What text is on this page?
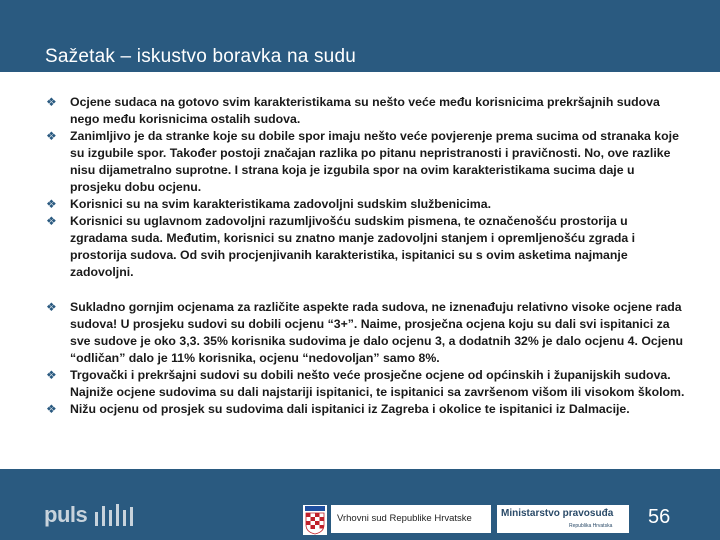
Sažetak – iskustvo boravka na sudu
❖ Ocjene sudaca na gotovo svim karakteristikama su nešto veće među korisnicima prekršajnih sudova nego među korisnicima ostalih sudova.
❖ Zanimljivo je da stranke koje su dobile spor imaju nešto veće povjerenje prema sucima od stranaka koje su izgubile spor. Također postoji značajan razlika po pitanu nepristranosti i pravičnosti. No, ove razlike nisu dijametralno suprotne. I strana koja je izgubila spor na ovim karakteristikama sucima daje u prosjeku dobu ocjenu.
❖ Korisnici su na svim karakteristikama zadovoljni sudskim službenicima.
❖ Korisnici su uglavnom zadovoljni razumljivošću sudskim pismena, te označenošću prostorija u zgradama suda. Međutim, korisnici su znatno manje zadovoljni stanjem i opremljenošću zgrada i prostorija sudova. Od svih procjenjivanih karakteristika, ispitanici su s ovim asketima najmanje zadovoljni.
❖ Sukladno gornjim ocjenama za različite aspekte rada sudova, ne iznenađuju relativno visoke ocjene rada sudova! U prosjeku sudovi su dobili ocjenu “3+”. Naime, prosječna ocjena koju su dali svi ispitanici za sve sudove je oko 3,3. 35% korisnika sudovima je dalo ocjenu 3, a dodatnih 32% je dalo ocjenu 4. Ocjenu “odličan” dalo je 11% korisnika, ocjenu “nedovoljan” samo 8%.
❖ Trgovački i prekršajni sudovi su dobili nešto veće prosječne ocjene od općinskih i županijskih sudova. Najniže ocjene sudovima su dali najstariji ispitanici, te ispitanici sa završenom višom ili visokom školom.
❖ Nižu ocjenu od prosjek su sudovima dali ispitanici iz Zagreba i okolice te ispitanici iz Dalmacije.
puls	Vrhovni sud Republike Hrvatske	Ministarstvo pravosuđa
Republika Hrvatska 56
